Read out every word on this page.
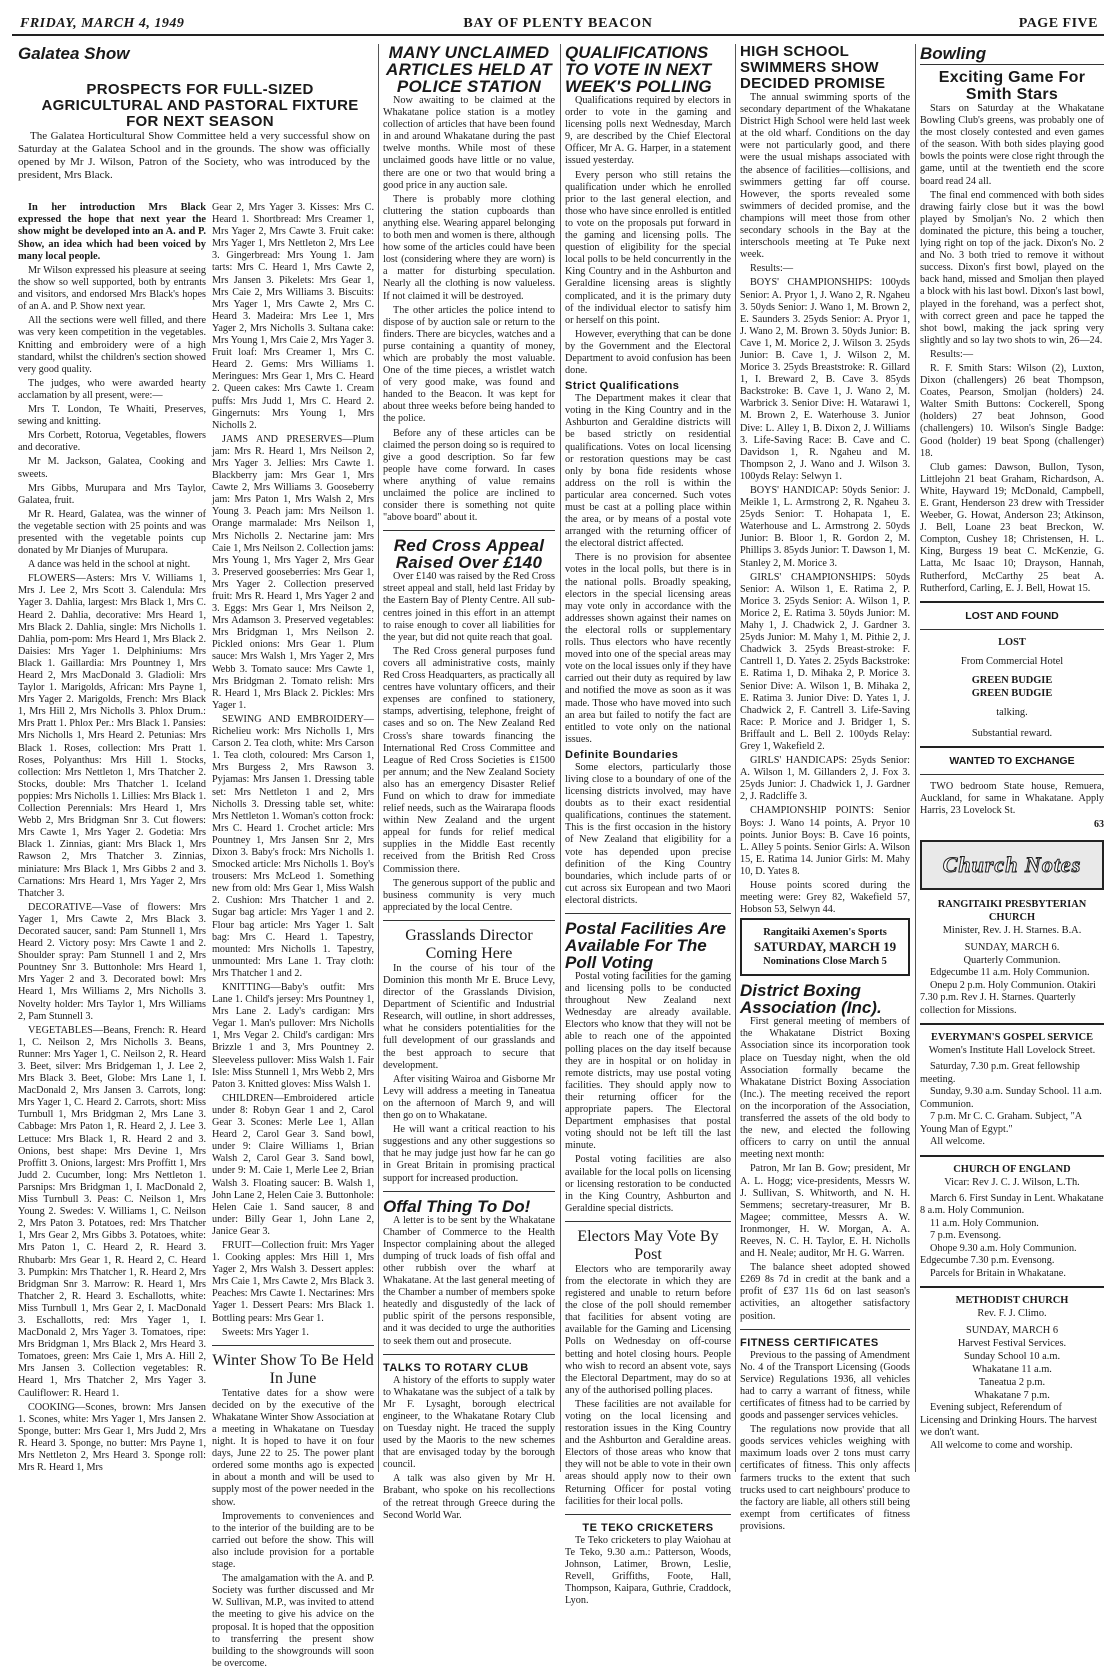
FRIDAY, MARCH 4, 1949	BAY OF PLENTY BEACON	PAGE FIVE
Galatea Show
PROSPECTS FOR FULL-SIZED AGRICULTURAL AND PASTORAL FIXTURE FOR NEXT SEASON

The Galatea Horticultural Show Committee held a very successful show on Saturday at the Galatea School and in the grounds. The show was officially opened by Mr J. Wilson, Patron of the Society, who was introduced by the president, Mrs Black.

In her introduction Mrs Black expressed the hope that next year the show might be developed into an A. and P. Show, an idea which had been voiced by many local people.

Mr Wilson expressed his pleasure at seeing the show so well supported, both by entrants and visitors, and endorsed Mrs Black's hopes of an A. and P. Show next year.

All the sections were well filled, and there was very keen competition in the vegetables. Knitting and embroidery were of a high standard, whilst the children's section showed very good quality.

The judges, who were awarded hearty acclamation by all present, were:—

Mrs T. London, Te Whaiti, Preserves, sewing and knitting.

Mrs Corbett, Rotorua, Vegetables, flowers and decorative.

Mr M. Jackson, Galatea, Cooking and sweets.

Mrs Gibbs, Murupara and Mrs Taylor, Galatea, fruit.

Mr R. Heard, Galatea, was the winner of the vegetable section with 25 points and was presented with the vegetable points cup donated by Mr Dianjes of Murupara.

A dance was held in the school at night.

FLOWERS—Asters: Mrs V. Williams 1, Mrs J. Lee 2, Mrs Scott 3. Calendula: Mrs Yager 3. Dahlia, largest: Mrs Black 1, Mrs C. Heard 2. Dahlia, decorative: Mrs Heard 1, Mrs Black 2. Dahlia, single: Mrs Nicholls 1. Dahlia, pom-pom: Mrs Heard 1, Mrs Black 2. Daisies: Mrs Yager 1. Delphiniums: Mrs Black 1. Gaillardia: Mrs Pountney 1, Mrs Heard 2, Mrs MacDonald 3. Gladioli: Mrs Taylor 1. Marigolds, African: Mrs Payne 1, Mrs Yager 2. Marigolds, French: Mrs Black 1, Mrs Hill 2, Mrs Nicholls 3. Phlox Drum.: Mrs Pratt 1. Phlox Per.: Mrs Black 1. Pansies: Mrs Nicholls 1, Mrs Heard 2. Petunias: Mrs Black 1. Roses, collection: Mrs Pratt 1. Roses, Polyanthus: Mrs Hill 1. Stocks, collection: Mrs Nettleton 1, Mrs Thatcher 2. Stocks, double: Mrs Thatcher 1. Iceland poppies: Mrs Nicholls 1. Lillies: Mrs Black 1. Collection Perennials: Mrs Heard 1, Mrs Webb 2, Mrs Bridgman Snr 3. Cut flowers: Mrs Cawte 1, Mrs Yager 2. Godetia: Mrs Black 1. Zinnias, giant: Mrs Black 1, Mrs Rawson 2, Mrs Thatcher 3. Zinnias, miniature: Mrs Black 1, Mrs Gibbs 2 and 3. Carnations: Mrs Heard 1, Mrs Yager 2, Mrs Thatcher 3.

DECORATIVE—Vase of flowers: Mrs Yager 1, Mrs Cawte 2, Mrs Black 3. Decorated saucer, sand: Pam Stunnell 1, Mrs Heard 2. Victory posy: Mrs Cawte 1 and 2. Shoulder spray: Pam Stunnell 1 and 2, Mrs Pountney Snr 3. Buttonhole: Mrs Heard 1, Mrs Yager 2 and 3. Decorated bowl: Mrs Heard 1, Mrs Williams 2, Mrs Nicholls 3. Novelty holder: Mrs Taylor 1, Mrs Williams 2, Pam Stunnell 3.

VEGETABLES—Beans, French: R. Heard 1, C. Neilson 2, Mrs Nicholls 3. Beans, Runner: Mrs Yager 1, C. Neilson 2, R. Heard 3. Beet, silver: Mrs Bridgeman 1, J. Lee 2, Mrs Black 3. Beet, Globe: Mrs Lane 1, I. MacDonald 2, Mrs Jansen 3. Carrots, long: Mrs Yager 1, C. Heard 2. Carrots, short: Miss Turnbull 1, Mrs Bridgman 2, Mrs Lane 3. Cabbage: Mrs Paton 1, R. Heard 2, J. Lee 3. Lettuce: Mrs Black 1, R. Heard 2 and 3. Onions, best shape: Mrs Devine 1, Mrs Proffitt 3. Onions, largest: Mrs Proffitt 1, Mrs Judd 2. Cucumber, long: Mrs Nettleton 1. Parsnips: Mrs Bridgman 1, I. MacDonald 2, Miss Turnbull 3. Peas: C. Neilson 1, Mrs Young 2. Swedes: V. Williams 1, C. Neilson 2, Mrs Paton 3. Potatoes, red: Mrs Thatcher 1, Mrs Gear 2, Mrs Gibbs 3. Potatoes, white: Mrs Paton 1, C. Heard 2, R. Heard 3. Rhubarb: Mrs Gear 1, R. Heard 2, C. Heard 3. Pumpkin: Mrs Thatcher 1, R. Heard 2, Mrs Bridgman Snr 3. Marrow: R. Heard 1, Mrs Thatcher 2, R. Heard 3. Eschallotts, white: Miss Turnbull 1, Mrs Gear 2, I. MacDonald 3. Eschallotts, red: Mrs Yager 1, I. MacDonald 2, Mrs Yager 3. Tomatoes, ripe: Mrs Bridgman 1, Mrs Black 2, Mrs Heard 3. Tomatoes, green: Mrs Caie 1, Mrs A. Hill 2, Mrs Jansen 3. Collection vegetables: R. Heard 1, Mrs Thatcher 2, Mrs Yager 3. Cauliflower: R. Heard 1.

COOKING—Scones, brown: Mrs Jansen 1. Scones, white: Mrs Yager 1, Mrs Jansen 2. Sponge, butter: Mrs Gear 1, Mrs Judd 2, Mrs R. Heard 3. Sponge, no butter: Mrs Payne 1, Mrs Nettleton 2, Mrs Heard 3. Sponge roll: Mrs R. Heard 1, Mrs

Gear 2, Mrs Yager 3. Kisses: Mrs C. Heard 1. Shortbread: Mrs Creamer 1, Mrs Yager 2, Mrs Cawte 3. Fruit cake: Mrs Yager 1, Mrs Nettleton 2, Mrs Lee 3. Gingerbread: Mrs Young 1. Jam tarts: Mrs C. Heard 1, Mrs Cawte 2, Mrs Jansen 3. Pikelets: Mrs Gear 1, Mrs Caie 2, Mrs Williams 3. Biscuits: Mrs Yager 1, Mrs Cawte 2, Mrs C. Heard 3. Madeira: Mrs Lee 1, Mrs Yager 2, Mrs Nicholls 3. Sultana cake: Mrs Young 1, Mrs Caie 2, Mrs Yager 3. Fruit loaf: Mrs Creamer 1, Mrs C. Heard 2. Gems: Mrs Williams 1. Meringues: Mrs Gear 1, Mrs C. Heard 2. Queen cakes: Mrs Cawte 1. Cream puffs: Mrs Judd 1, Mrs C. Heard 2. Gingernuts: Mrs Young 1, Mrs Nicholls 2.

JAMS AND PRESERVES—Plum jam: Mrs R. Heard 1, Mrs Neilson 2, Mrs Yager 3. Jellies: Mrs Cawte 1. Blackberry jam: Mrs Gear 1, Mrs Cawte 2, Mrs Williams 3. Gooseberry jam: Mrs Paton 1, Mrs Walsh 2, Mrs Young 3. Peach jam: Mrs Neilson 1. Orange marmalade: Mrs Neilson 1, Mrs Nicholls 2. Nectarine jam: Mrs Caie 1, Mrs Neilson 2. Collection jams: Mrs Young 1, Mrs Yager 2, Mrs Gear 3. Preserved gooseberries: Mrs Gear 1, Mrs Yager 2. Collection preserved fruit: Mrs R. Heard 1, Mrs Yager 2 and 3. Eggs: Mrs Gear 1, Mrs Neilson 2, Mrs Adamson 3. Preserved vegetables: Mrs Bridgman 1, Mrs Neilson 2. Pickled onions: Mrs Gear 1. Plum sauce: Mrs Walsh 1, Mrs Yager 2, Mrs Webb 3. Tomato sauce: Mrs Cawte 1, Mrs Bridgman 2. Tomato relish: Mrs R. Heard 1, Mrs Black 2. Pickles: Mrs Yager 1.

SEWING AND EMBROIDERY—Richelieu work: Mrs Nicholls 1, Mrs Carson 2. Tea cloth, white: Mrs Carson 1. Tea cloth, coloured: Mrs Carson 1, Mrs Burgess 2, Mrs Rawson 3. Pyjamas: Mrs Jansen 1. Dressing table set: Mrs Nettleton 1 and 2, Mrs Nicholls 3. Dressing table set, white: Mrs Nettleton 1. Woman's cotton frock: Mrs C. Heard 1. Crochet article: Mrs Pountney 1, Mrs Jansen Snr 2, Mrs Dixon 3. Baby's frock: Mrs Nicholls 1. Smocked article: Mrs Nicholls 1. Boy's trousers: Mrs McLeod 1. Something new from old: Mrs Gear 1, Miss Walsh 2. Cushion: Mrs Thatcher 1 and 2. Sugar bag article: Mrs Yager 1 and 2. Flour bag article: Mrs Yager 1. Salt bag: Mrs C. Heard 1. Tapestry, mounted: Mrs Nicholls 1. Tapestry, unmounted: Mrs Lane 1. Tray cloth: Mrs Thatcher 1 and 2.

KNITTING—Baby's outfit: Mrs Lane 1. Child's jersey: Mrs Pountney 1, Mrs Lane 2. Lady's cardigan: Mrs Vegar 1. Man's pullover: Mrs Nicholls 1, Mrs Vegar 2. Child's cardigan: Mrs Brizzle 1 and 3, Mrs Pountney 2. Sleeveless pullover: Miss Walsh 1. Fair Isle: Miss Stunnell 1, Mrs Webb 2, Mrs Paton 3. Knitted gloves: Miss Walsh 1.

CHILDREN—Embroidered article under 8: Robyn Gear 1 and 2, Carol Gear 3. Scones: Merle Lee 1, Allan Heard 2, Carol Gear 3. Sand bowl, under 9: Claire Williams 1, Brian Walsh 2, Carol Gear 3. Sand bowl, under 9: M. Caie 1, Merle Lee 2, Brian Walsh 3. Floating saucer: B. Walsh 1, John Lane 2, Helen Caie 3. Buttonhole: Helen Caie 1. Sand saucer, 8 and under: Billy Gear 1, John Lane 2, Janice Gear 3.

FRUIT—Collection fruit: Mrs Yager 1. Cooking apples: Mrs Hill 1, Mrs Yager 2, Mrs Walsh 3. Dessert apples: Mrs Caie 1, Mrs Cawte 2, Mrs Black 3. Peaches: Mrs Cawte 1. Nectarines: Mrs Yager 1. Dessert Pears: Mrs Black 1. Bottling pears: Mrs Gear 1.

Sweets: Mrs Yager 1.

Winter Show To Be Held In June

Tentative dates for a show were decided on by the executive of the Whakatane Winter Show Association at a meeting in Whakatane on Tuesday night. It is hoped to have it on four days, June 22 to 25. The power plant ordered some months ago is expected in about a month and will be used to supply most of the power needed in the show.

Improvements to conveniences and to the interior of the building are to be carried out before the show. This will also include provision for a portable stage.

The amalgamation with the A. and P. Society was further discussed and Mr W. Sullivan, M.P., was invited to attend the meeting to give his advice on the proposal. It is hoped that the opposition to transferring the present show building to the showgrounds will soon be overcome.

MANY UNCLAIMED ARTICLES HELD AT POLICE STATION

Now awaiting to be claimed at the Whakatane police station is a motley collection of articles that have been found in and around Whakatane during the past twelve months. While most of these unclaimed goods have little or no value, there are one or two that would bring a good price in any auction sale.

There is probably more clothing cluttering the station cupboards than anything else. Wearing apparel belonging to both men and women is there, although how some of the articles could have been lost (considering where they are worn) is a matter for disturbing speculation. Nearly all the clothing is now valueless. If not claimed it will be destroyed.

The other articles the police intend to dispose of by auction sale or return to the finders. There are bicycles, watches and a purse containing a quantity of money, which are probably the most valuable. One of the time pieces, a wristlet watch of very good make, was found and handed to the Beacon. It was kept for about three weeks before being handed to the police.

Before any of these articles can be claimed the person doing so is required to give a good description. So far few people have come forward. In cases where anything of value remains unclaimed the police are inclined to consider there is something not quite "above board" about it.

Red Cross Appeal Raised Over £140

Over £140 was raised by the Red Cross street appeal and stall, held last Friday by the Eastern Bay of Plenty Centre. All sub-centres joined in this effort in an attempt to raise enough to cover all liabilities for the year, but did not quite reach that goal.

The Red Cross general purposes fund covers all administrative costs, mainly Red Cross Headquarters, as practically all centres have voluntary officers, and their expenses are confined to stationery, stamps, advertising, telephone, freight of cases and so on. The New Zealand Red Cross's share towards financing the International Red Cross Committee and League of Red Cross Societies is £1500 per annum; and the New Zealand Society also has an emergency Disaster Relief Fund on which to draw for immediate relief needs, such as the Wairarapa floods within New Zealand and the urgent appeal for funds for relief medical supplies in the Middle East recently received from the British Red Cross Commission there.

The generous support of the public and business community is very much appreciated by the local Centre.

Grasslands Director Coming Here

In the course of his tour of the Dominion this month Mr E. Bruce Levy, director of the Grasslands Division, Department of Scientific and Industrial Research, will outline, in short addresses, what he considers potentialities for the full development of our grasslands and the best approach to secure that development.

After visiting Wairoa and Gisborne Mr Levy will address a meeting in Taneatua on the afternoon of March 9, and will then go on to Whakatane.

He will want a critical reaction to his suggestions and any other suggestions so that he may judge just how far he can go in Great Britain in promising practical support for increased production.

Offal Thing To Do!

A letter is to be sent by the Whakatane Chamber of Commerce to the Health Inspector complaining about the alleged dumping of truck loads of fish offal and other rubbish over the wharf at Whakatane. At the last general meeting of the Chamber a number of members spoke heatedly and disgustedly of the lack of public spirit of the persons responsible, and it was decided to urge the authorities to seek them out and prosecute.

TALKS TO ROTARY CLUB

A history of the efforts to supply water to Whakatane was the subject of a talk by Mr F. Lysaght, borough electrical engineer, to the Whakatane Rotary Club on Tuesday night. He traced the supply used by the Maoris to the new schemes that are envisaged today by the borough council.

A talk was also given by Mr H. Brabant, who spoke on his recollections of the retreat through Greece during the Second World War.

QUALIFICATIONS TO VOTE IN NEXT WEEK'S POLLING

Qualifications required by electors in order to vote in the gaming and licensing polls next Wednesday, March 9, are described by the Chief Electoral Officer, Mr A. G. Harper, in a statement issued yesterday.

Every person who still retains the qualification under which he enrolled prior to the last general election, and those who have since enrolled is entitled to vote on the proposals put forward in the gaming and licensing polls. The question of eligibility for the special local polls to be held concurrently in the King Country and in the Ashburton and Geraldine licensing areas is slightly complicated, and it is the primary duty of the individual elector to satisfy him or herself on this point.

However, everything that can be done by the Government and the Electoral Department to avoid confusion has been done.

Strict Qualifications

The Department makes it clear that voting in the King Country and in the Ashburton and Geraldine districts will be based strictly on residential qualifications. Votes on local licensing or restoration questions may be cast only by bona fide residents whose address on the roll is within the particular area concerned. Such votes must be cast at a polling place within the area, or by means of a postal vote arranged with the returning officer of the electoral district affected.

There is no provision for absentee votes in the local polls, but there is in the national polls. Broadly speaking, electors in the special licensing areas may vote only in accordance with the addresses shown against their names on the electoral rolls or supplementary rolls. Thus electors who have recently moved into one of the special areas may vote on the local issues only if they have carried out their duty as required by law and notified the move as soon as it was made. Those who have moved into such an area but failed to notify the fact are entitled to vote only on the national issues.

Definite Boundaries

Some electors, particularly those living close to a boundary of one of the licensing districts involved, may have doubts as to their exact residential qualifications, continues the statement. This is the first occasion in the history of New Zealand that eligibility for a vote has depended upon precise definition of the King Country boundaries, which include parts of or cut across six European and two Maori electoral districts.

Postal Facilities Are Available For The Poll Voting

Postal voting facilities for the gaming and licensing polls to be conducted throughout New Zealand next Wednesday are already available. Electors who know that they will not be able to reach one of the appointed polling places on the day itself because they are in hospital or on holiday in remote districts, may use postal voting facilities. They should apply now to their returning officer for the appropriate papers. The Electoral Department emphasises that postal voting should not be left till the last minute.

Postal voting facilities are also available for the local polls on licensing or licensing restoration to be conducted in the King Country, Ashburton and Geraldine special districts.

Electors May Vote By Post

Electors who are temporarily away from the electorate in which they are registered and unable to return before the close of the poll should remember that facilities for absent voting are available for the Gaming and Licensing Polls on Wednesday on off-course betting and hotel closing hours. People who wish to record an absent vote, says the Electoral Department, may do so at any of the authorised polling places.

These facilities are not available for voting on the local licensing and restoration issues in the King Country and the Ashburton and Geraldine areas. Electors of those areas who know that they will not be able to vote in their own areas should apply now to their own Returning Officer for postal voting facilities for their local polls.

TE TEKO CRICKETERS

Te Teko cricketers to play Waiohau at Te Teko, 9.30 a.m.: Patterson, Woods, Johnson, Latimer, Brown, Leslie, Revell, Griffiths, Foote, Hall, Thompson, Kaipara, Guthrie, Craddock, Lyon.

HIGH SCHOOL SWIMMERS SHOW DECIDED PROMISE

The annual swimming sports of the secondary department of the Whakatane District High School were held last week at the old wharf. Conditions on the day were not particularly good, and there were the usual mishaps associated with the absence of facilities—collisions, and swimmers getting far off course. However, the sports revealed some swimmers of decided promise, and the champions will meet those from other secondary schools in the Bay at the interschools meeting at Te Puke next week.

Results:—

BOYS' CHAMPIONSHIPS: 100yds Senior: A. Pryor 1, J. Wano 2, R. Ngaheu 3. 50yds Senior: J. Wano 1, M. Brown 2, E. Saunders 3. 25yds Senior: A. Pryor 1, J. Wano 2, M. Brown 3. 50yds Junior: B. Cave 1, M. Morice 2, J. Wilson 3. 25yds Junior: B. Cave 1, J. Wilson 2, M. Morice 3. 25yds Breaststroke: R. Gillard 1, I. Breward 2, B. Cave 3. 85yds Backstroke: B. Cave 1, J. Wano 2, M. Warbrick 3. Senior Dive: H. Watarawi 1, M. Brown 2, E. Waterhouse 3. Junior Dive: L. Alley 1, B. Dixon 2, J. Williams 3. Life-Saving Race: B. Cave and C. Davidson 1, R. Ngaheu and M. Thompson 2, J. Wano and J. Wilson 3. 100yds Relay: Selwyn 1.

BOYS' HANDICAP: 50yds Senior: J. Meikle 1, L. Armstrong 2, R. Ngaheu 3. 25yds Senior: T. Hohapata 1, E. Waterhouse and L. Armstrong 2. 50yds Junior: B. Bloor 1, R. Gordon 2, M. Phillips 3. 85yds Junior: T. Dawson 1, M. Stanley 2, M. Morice 3.

GIRLS' CHAMPIONSHIPS: 50yds Senior: A. Wilson 1, E. Ratima 2, P. Morice 3. 25yds Senior: A. Wilson 1, P. Morice 2, E. Ratima 3. 50yds Junior: M. Mahy 1, J. Chadwick 2, J. Gardner 3. 25yds Junior: M. Mahy 1, M. Pithie 2, J. Chadwick 3. 25yds Breast-stroke: F. Cantrell 1, D. Yates 2. 25yds Backstroke: E. Ratima 1, D. Mihaka 2, P. Morice 3. Senior Dive: A. Wilson 1, B. Mihaka 2, E. Ratima 3. Junior Dive: D. Yates 1, J. Chadwick 2, F. Cantrell 3. Life-Saving Race: P. Morice and J. Bridger 1, S. Briffault and L. Bell 2. 100yds Relay: Grey 1, Wakefield 2.

GIRLS' HANDICAPS: 25yds Senior: A. Wilson 1, M. Gillanders 2, J. Fox 3. 25yds Junior: J. Chadwick 1, J. Gardner 2, J. Radcliffe 3.

CHAMPIONSHIP POINTS: Senior Boys: J. Wano 14 points, A. Pryor 10 points. Junior Boys: B. Cave 16 points, L. Alley 5 points. Senior Girls: A. Wilson 15, E. Ratima 14. Junior Girls: M. Mahy 10, D. Yates 8.

House points scored during the meeting were: Grey 82, Wakefield 57, Hobson 53, Selwyn 44.

Rangitaiki Axemen's Sports
SATURDAY, MARCH 19
Nominations Close March 5
District Boxing Association (Inc).

First general meeting of members of the Whakatane District Boxing Association since its incorporation took place on Tuesday night, when the old Association formally became the Whakatane District Boxing Association (Inc.). The meeting received the report on the incorporation of the Association, transferred the assets of the old body to the new, and elected the following officers to carry on until the annual meeting next month:

Patron, Mr Ian B. Gow; president, Mr A. L. Hogg; vice-presidents, Messrs W. J. Sullivan, S. Whitworth, and N. H. Semmens; secretary-treasurer, Mr B. Magee; committee, Messrs A. W. Ironmonger, H. W. Morgan, A. A. Reeves, N. C. H. Taylor, E. H. Nicholls and H. Neale; auditor, Mr H. G. Warren.

The balance sheet adopted showed £269 8s 7d in credit at the bank and a profit of £37 11s 6d on last season's activities, an altogether satisfactory position.

FITNESS CERTIFICATES

Previous to the passing of Amendment No. 4 of the Transport Licensing (Goods Service) Regulations 1936, all vehicles had to carry a warrant of fitness, while certificates of fitness had to be carried by goods and passenger services vehicles.

The regulations now provide that all goods services vehicles weighing with maximum loads over 2 tons must carry certificates of fitness. This only affects farmers trucks to the extent that such trucks used to cart neighbours' produce to the factory are liable, all others still being exempt from certificates of fitness provisions.

Bowling
Exciting Game For Smith Stars

Stars on Saturday at the Whakatane Bowling Club's greens, was probably one of the most closely contested and even games of the season. With both sides playing good bowls the points were close right through the game, until at the twentieth end the score board read 24 all.

The final end commenced with both sides drawing fairly close but it was the bowl played by Smoljan's No. 2 which then dominated the picture, this being a toucher, lying right on top of the jack. Dixon's No. 2 and No. 3 both tried to remove it without success. Dixon's first bowl, played on the back hand, missed and Smoljan then played a block with his last bowl. Dixon's last bowl, played in the forehand, was a perfect shot, with correct green and pace he tapped the shot bowl, making the jack spring very slightly and so lay two shots to win, 26—24.

Results:—

R. F. Smith Stars: Wilson (2), Luxton, Dixon (challengers) 26 beat Thompson, Coates, Pearson, Smoljan (holders) 24. Walter Smith Buttons: Cockerell, Spong (holders) 27 beat Johnson, Good (challengers) 10. Wilson's Single Badge: Good (holder) 19 beat Spong (challenger) 18.

Club games: Dawson, Bullon, Tyson, Littlejohn 21 beat Graham, Richardson, A. White, Hayward 19; McDonald, Campbell, E. Grant, Henderson 23 drew with Tressider Weeber, G. Howat, Anderson 23; Atkinson, J. Bell, Loane 23 beat Breckon, W. Compton, Cushey 18; Christensen, H. L. King, Burgess 19 beat C. McKenzie, G. Latta, Mc Isaac 10; Drayson, Hannah, Rutherford, McCarthy 25 beat A. Rutherford, Carling, E. J. Bell, Howat 15.

LOST AND FOUND
LOST
From Commercial Hotel
GREEN BUDGIE
GREEN BUDGIE
talking.
Substantial reward.
WANTED TO EXCHANGE

TWO bedroom State house, Remuera, Auckland, for same in Whakatane. Apply Harris, 23 Lovelock St.

63
Church Notes
RANGITAIKI PRESBYTERIAN CHURCH
Minister, Rev. J. H. Starnes. B.A.
SUNDAY, MARCH 6.
Quarterly Communion.
Edgecumbe 11 a.m. Holy Communion.
Onepu 2 p.m. Holy Communion. Otakiri 7.30 p.m. Rev J. H. Starnes. Quarterly collection for Missions.
EVERYMAN'S GOSPEL SERVICE
Women's Institute Hall Lovelock Street.
Saturday, 7.30 p.m. Great fellowship meeting.
Sunday, 9.30 a.m. Sunday School. 11 a.m. Communion.
7 p.m. Mr C. C. Graham. Subject, "A Young Man of Egypt."
All welcome.
CHURCH OF ENGLAND
Vicar: Rev J. C. J. Wilson, L.Th.
March 6. First Sunday in Lent. Whakatane 8 a.m. Holy Communion.
11 a.m. Holy Communion.
7 p.m. Evensong.
Ohope 9.30 a.m. Holy Communion. Edgecumbe 7.30 p.m. Evensong.
Parcels for Britain in Whakatane.
METHODIST CHURCH
Rev. F. J. Climo.
SUNDAY, MARCH 6
Harvest Festival Services.
Sunday School 10 a.m.
Whakatane 11 a.m.
Taneatua 2 p.m.
Whakatane 7 p.m.
Evening subject, Referendum of Licensing and Drinking Hours. The harvest we don't want.
All welcome to come and worship.
